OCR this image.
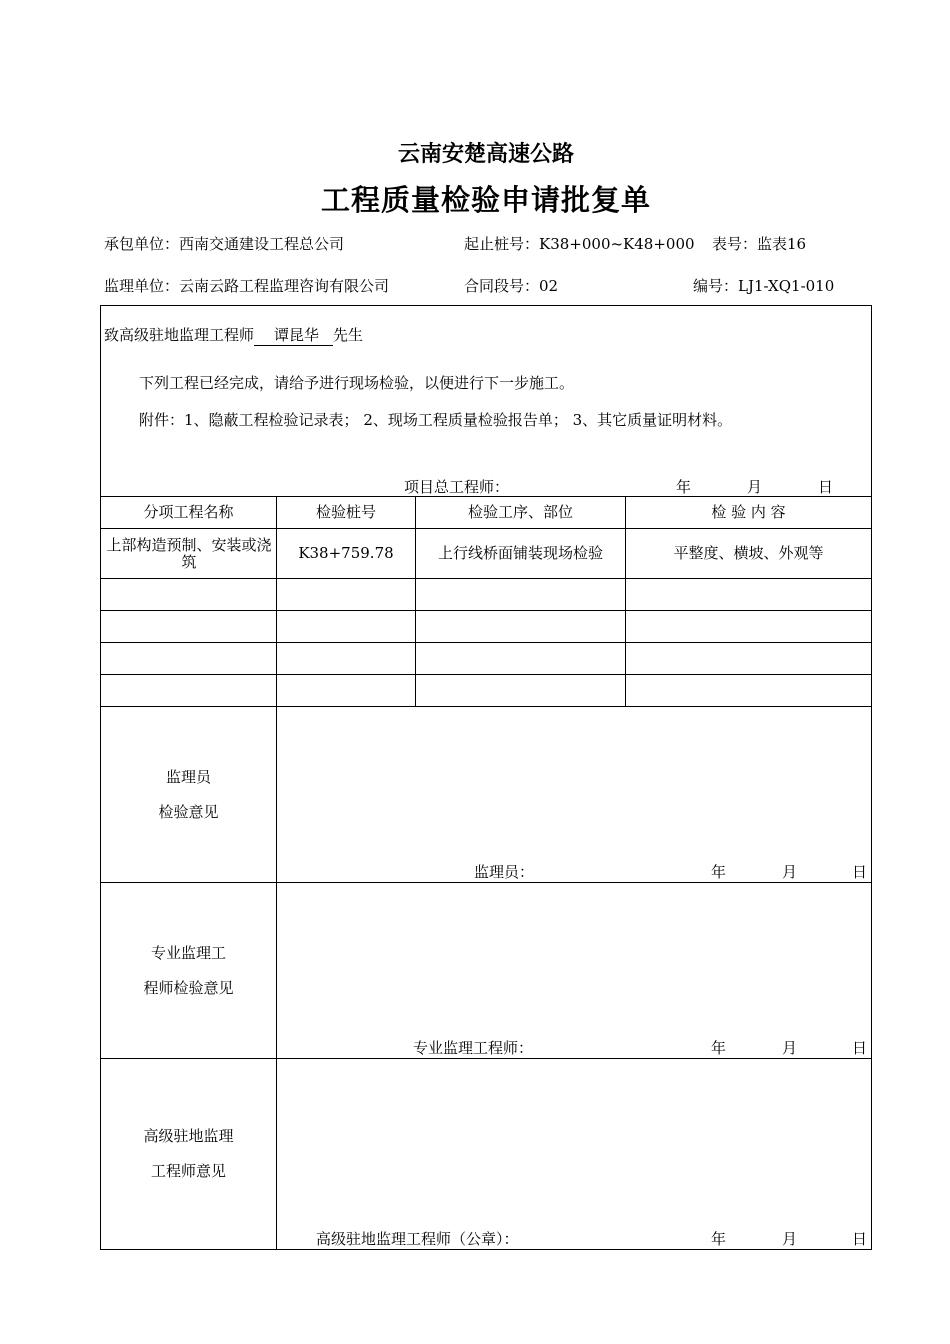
云南安楚高速公路
工程质量检验申请批复单
承包单位：西南交通建设工程总公司	起止桩号：K38+000~K48+000 表号：监表16
监理单位：云南云路工程监理咨询有限公司	合同段号：02	编号：LJ1-XQ1-010
致高级驻地监理工程师 谭昆华 先生
下列工程已经完成，请给予进行现场检验，以便进行下一步施工。
附件：1、隐蔽工程检验记录表； 2、现场工程质量检验报告单； 3、其它质量证明材料。
项目总工程师：	年	月	日
分项工程名称	检验桩号	检验工序、部位	检 验 内 容
上部构造预制、安装或浇筑	K38+759.78	上行线桥面铺装现场检验	平整度、横坡、外观等
监理员
检验意见
监理员：	年	月	日
专业监理工
程师检验意见
专业监理工程师：	年	月	日
高级驻地监理
工程师意见
高级驻地监理工程师（公章）：	年	月	日
